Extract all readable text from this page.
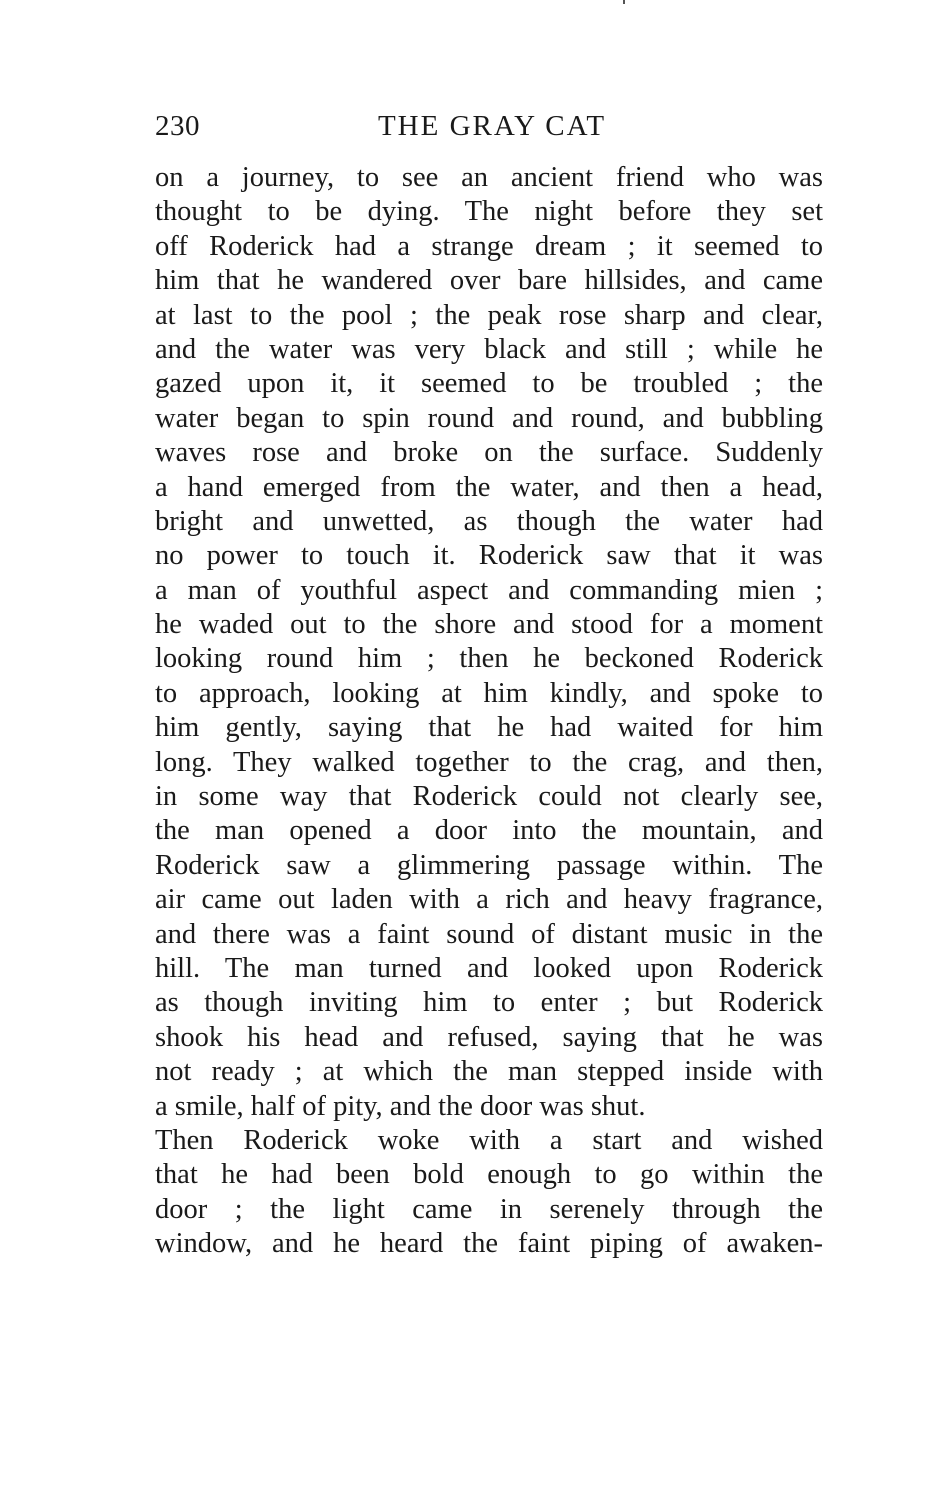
230	THE GRAY CAT
on a journey, to see an ancient friend who was
thought to be dying. The night before they set
off Roderick had a strange dream ; it seemed to
him that he wandered over bare hillsides, and came
at last to the pool ; the peak rose sharp and clear,
and the water was very black and still ; while he
gazed upon it, it seemed to be troubled ; the
water began to spin round and round, and bubbling
waves rose and broke on the surface. Suddenly
a hand emerged from the water, and then a head,
bright and unwetted, as though the water had
no power to touch it. Roderick saw that it was
a man of youthful aspect and commanding mien ;
he waded out to the shore and stood for a moment
looking round him ; then he beckoned Roderick
to approach, looking at him kindly, and spoke to
him gently, saying that he had waited for him
long. They walked together to the crag, and then,
in some way that Roderick could not clearly see,
the man opened a door into the mountain, and
Roderick saw a glimmering passage within. The
air came out laden with a rich and heavy fragrance,
and there was a faint sound of distant music in the
hill. The man turned and looked upon Roderick
as though inviting him to enter ; but Roderick
shook his head and refused, saying that he was
not ready ; at which the man stepped inside with
a smile, half of pity, and the door was shut.
Then Roderick woke with a start and wished
that he had been bold enough to go within the
door ; the light came in serenely through the
window, and he heard the faint piping of awaken-
